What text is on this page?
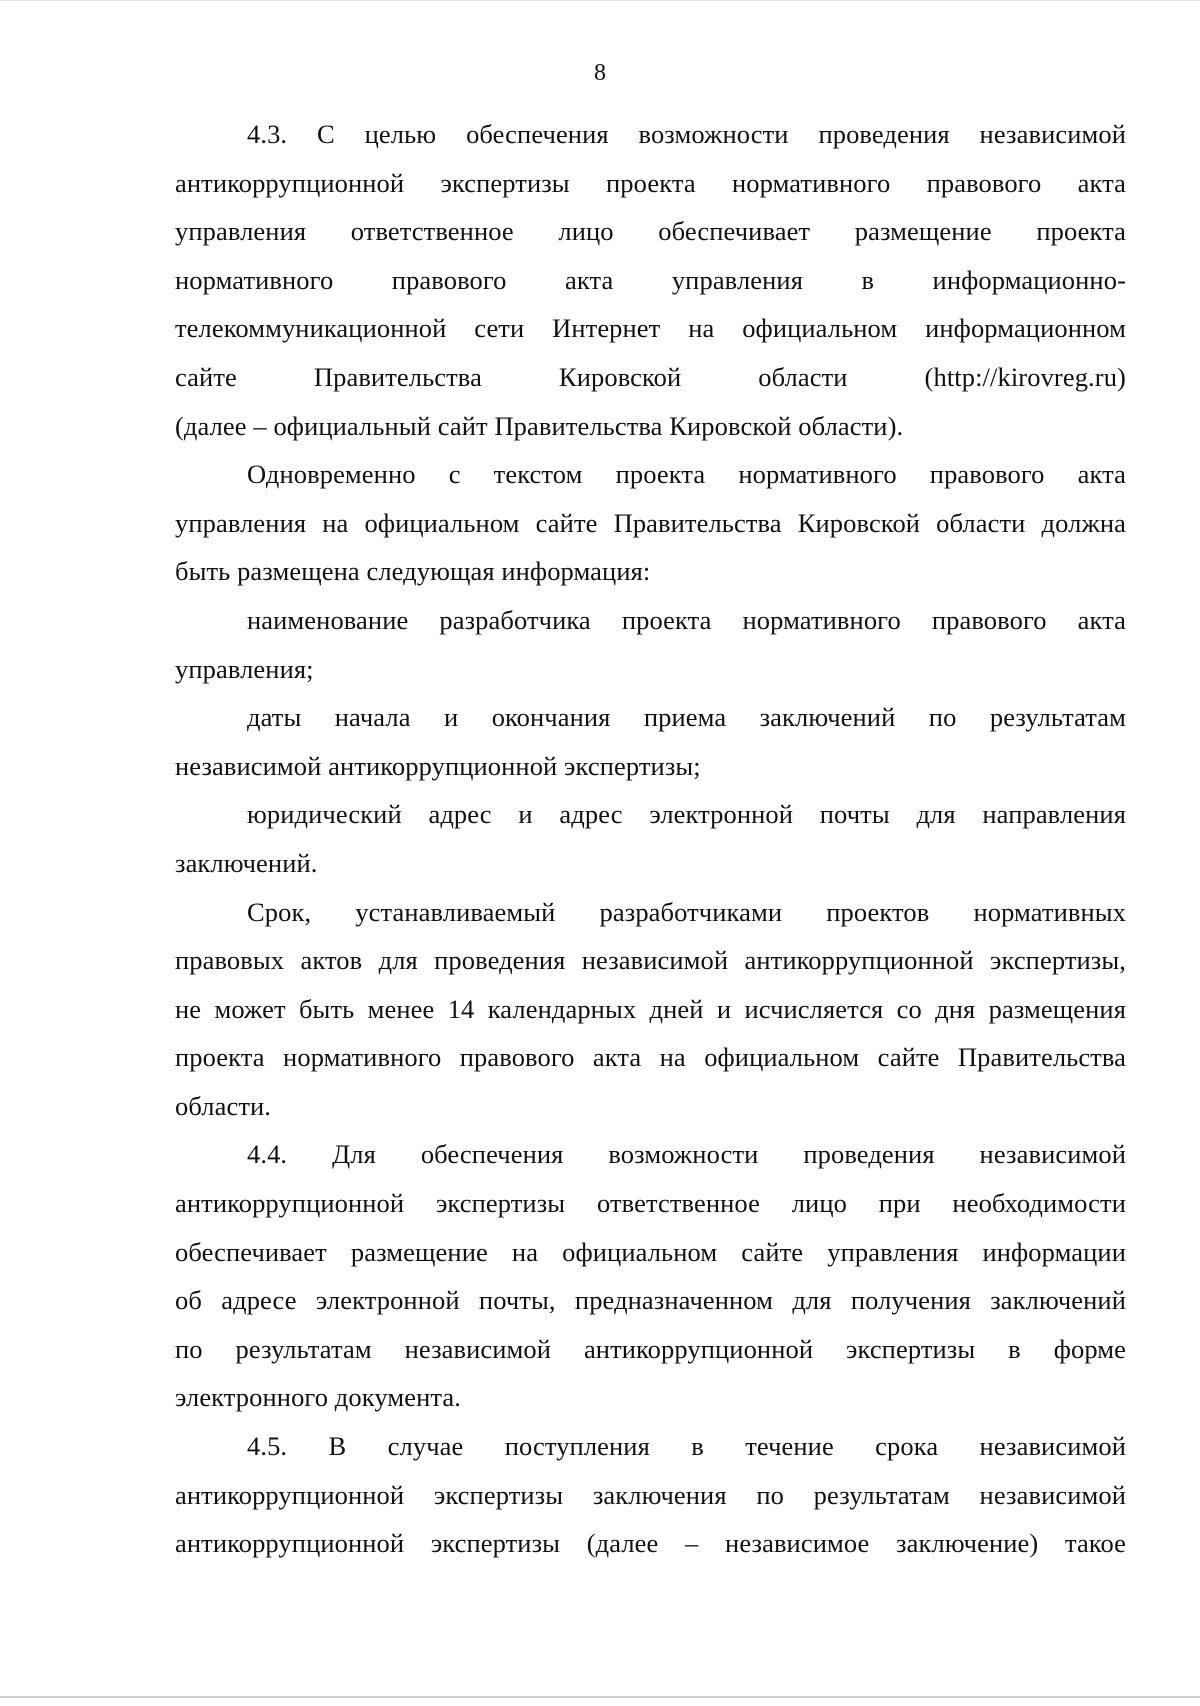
8
4.3. С целью обеспечения возможности проведения независимой
антикоррупционной экспертизы проекта нормативного правового акта
управления ответственное лицо обеспечивает размещение проекта
нормативного правового акта управления в информационно-
телекоммуникационной сети Интернет на официальном информационном
сайте Правительства Кировской области (http://kirovreg.ru)
(далее – официальный сайт Правительства Кировской области).
Одновременно с текстом проекта нормативного правового акта
управления на официальном сайте Правительства Кировской области должна
быть размещена следующая информация:
наименование разработчика проекта нормативного правового акта
управления;
даты начала и окончания приема заключений по результатам
независимой антикоррупционной экспертизы;
юридический адрес и адрес электронной почты для направления
заключений.
Срок, устанавливаемый разработчиками проектов нормативных
правовых актов для проведения независимой антикоррупционной экспертизы,
не может быть менее 14 календарных дней и исчисляется со дня размещения
проекта нормативного правового акта на официальном сайте Правительства
области.
4.4. Для обеспечения возможности проведения независимой
антикоррупционной экспертизы ответственное лицо при необходимости
обеспечивает размещение на официальном сайте управления информации
об адресе электронной почты, предназначенном для получения заключений
по результатам независимой антикоррупционной экспертизы в форме
электронного документа.
4.5. В случае поступления в течение срока независимой
антикоррупционной экспертизы заключения по результатам независимой
антикоррупционной экспертизы (далее – независимое заключение) такое
